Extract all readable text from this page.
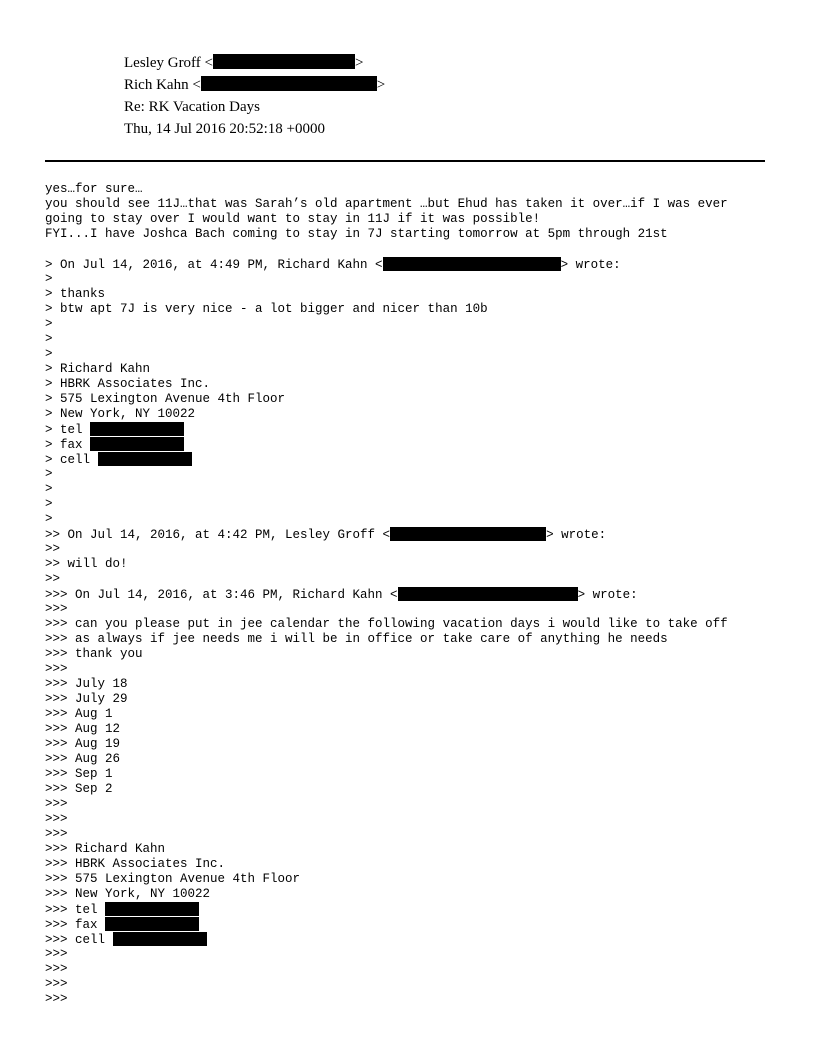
Lesley Groff <	>
Rich Kahn <	>
Re: RK Vacation Days
Thu, 14 Jul 2016 20:52:18 +0000
yes…for sure…
you should see 11J…that was Sarah’s old apartment …but Ehud has taken it over…if I was ever
going to stay over I would want to stay in 11J if it was possible!
FYI...I have Joshca Bach coming to stay in 7J starting tomorrow at 5pm through 21st
> On Jul 14, 2016, at 4:49 PM, Richard Kahn <	> wrote:
>
> thanks
> btw apt 7J is very nice - a lot bigger and nicer than 10b
>
>
>
> Richard Kahn
> HBRK Associates Inc.
> 575 Lexington Avenue 4th Floor
> New York, NY 10022
> tel
> fax
> cell
>
>
>
>
>> On Jul 14, 2016, at 4:42 PM, Lesley Groff <	> wrote:
>>
>> will do!
>>
>>> On Jul 14, 2016, at 3:46 PM, Richard Kahn <	> wrote:
>>>
>>> can you please put in jee calendar the following vacation days i would like to take off
>>> as always if jee needs me i will be in office or take care of anything he needs
>>> thank you
>>>
>>> July 18
>>> July 29
>>> Aug 1
>>> Aug 12
>>> Aug 19
>>> Aug 26
>>> Sep 1
>>> Sep 2
>>>
>>>
>>>
>>> Richard Kahn
>>> HBRK Associates Inc.
>>> 575 Lexington Avenue 4th Floor
>>> New York, NY 10022
>>> tel
>>> fax
>>> cell
>>>
>>>
>>>
>>>
